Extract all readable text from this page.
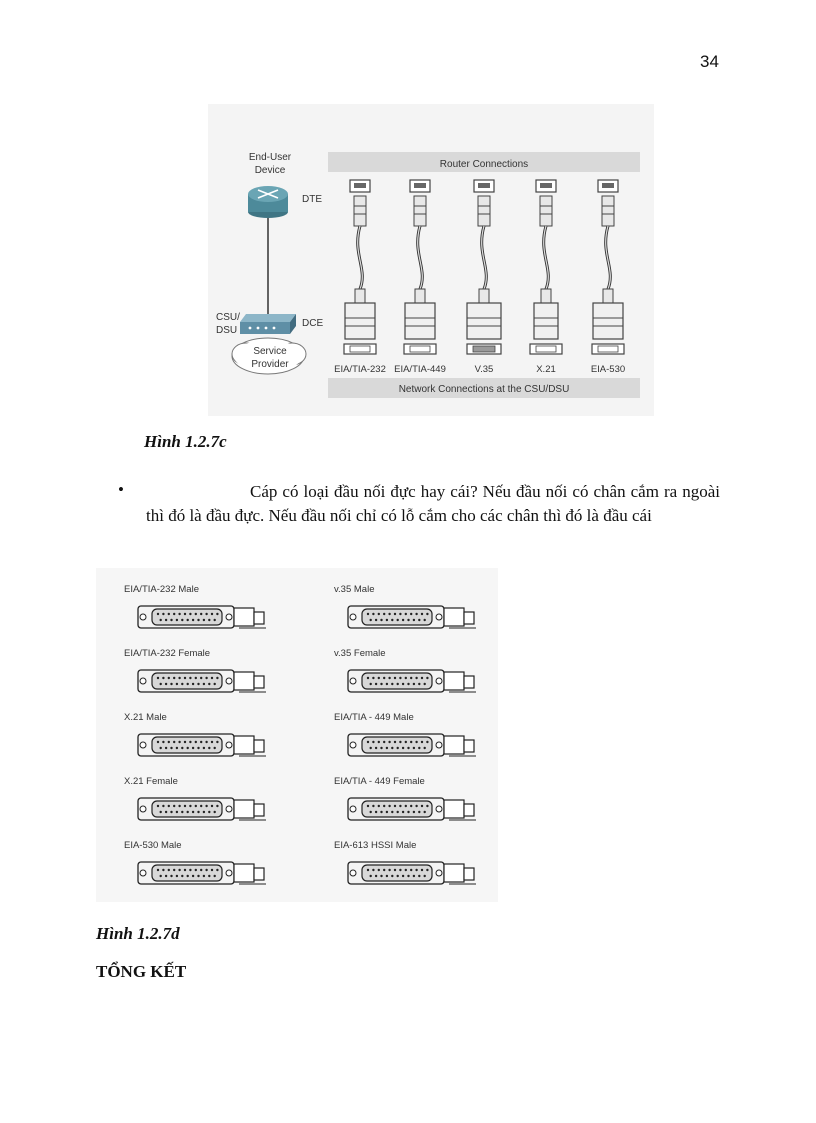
34
Router Connections
Network Connections at the CSU/DSU
End-User
Device
DTE
CSU/
DSU
DCE
Service
Provider	EIA/TIA-232 EIA/TIA-449	V.35	X.21	EIA-530
Hình 1.2.7c
•	Cáp có loại đầu nối đực hay cái? Nếu đầu nối có chân cắm ra ngoài thì đó là đầu đực. Nếu đầu nối chỉ có lỗ cắm cho các chân thì đó là đầu cái
EIA/TIA-232 Male	v.35 Male
EIA/TIA-232 Female	v.35 Female
X.21 Male	EIA/TIA - 449 Male
X.21 Female	EIA/TIA - 449 Female
EIA-530 Male	EIA-613 HSSI Male
Hình 1.2.7d
TỔNG KẾT
